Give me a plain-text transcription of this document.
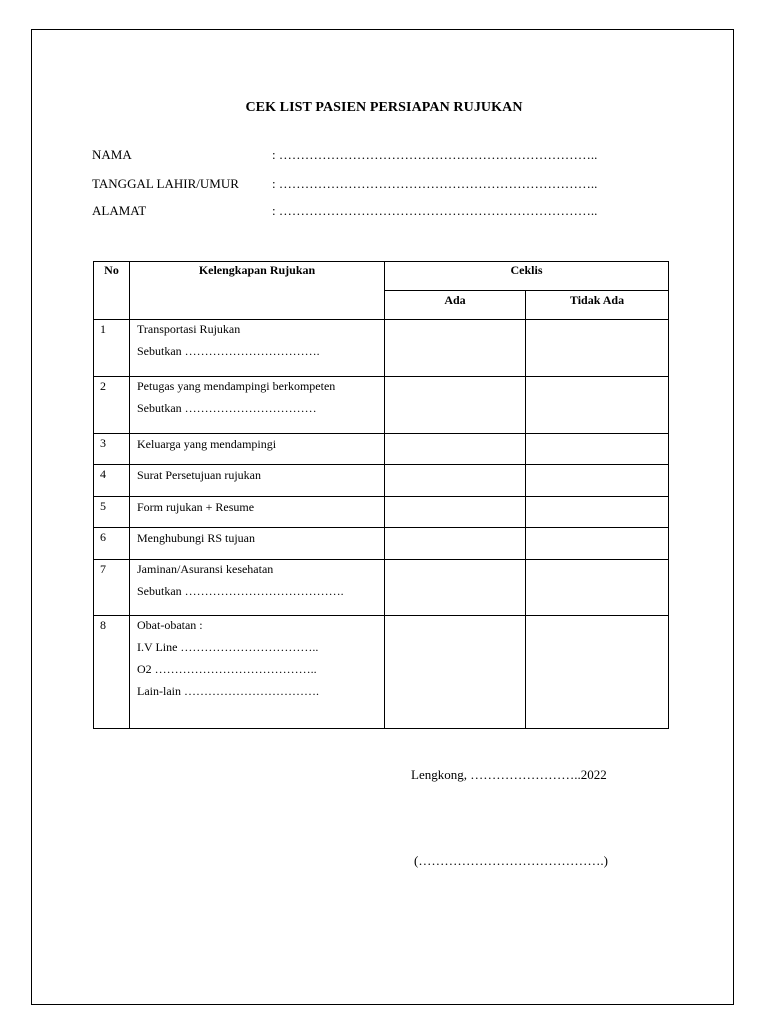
CEK LIST PASIEN PERSIAPAN RUJUKAN
NAMA	: ………………………………………………………………..
TANGGAL LAHIR/UMUR	: ………………………………………………………………..
ALAMAT	: ………………………………………………………………..
No	Kelengkapan Rujukan	Ceklis	
		Ada	Tidak Ada
1	Transportasi Rujukan
Sebutkan …………………………….		

2	Petugas yang mendampingi berkompeten
Sebutkan ……………………………		

3	Keluarga yang mendampingi		

4	Surat Persetujuan rujukan		

5	Form rujukan + Resume		

6	Menghubungi RS tujuan		

7	Jaminan/Asuransi kesehatan
Sebutkan ………………………………….		

8	Obat-obatan :
I.V Line ……………………………..
O2 …………………………………..
Lain-lain …………………………….		

Lengkong, ……………………..2022
(…………………………………….)
